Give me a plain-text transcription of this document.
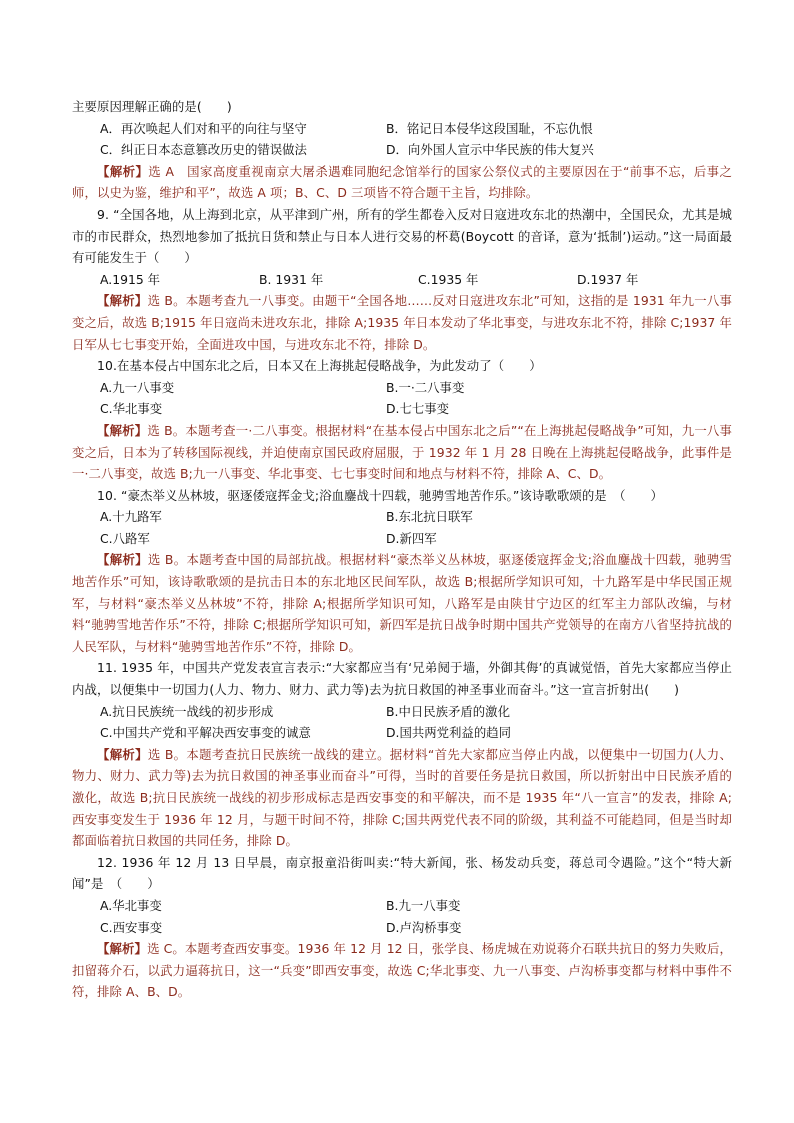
主要原因理解正确的是(　　)

A．再次唤起人们对和平的向往与坚守	B．铭记日本侵华这段国耻，不忘仇恨
C．纠正日本态意篡改历史的错误做法	D．向外国人宣示中华民族的伟大复兴

【解析】选 A　国家高度重视南京大屠杀遇难同胞纪念馆举行的国家公祭仪式的主要原因在于“前事不忘，后事之师，以史为鉴，维护和平”，故选 A 项；B、C、D 三项皆不符合题干主旨，均排除。

9. “全国各地，从上海到北京，从平津到广州，所有的学生都卷入反对日寇进攻东北的热潮中，全国民众，尤其是城市的市民群众，热烈地参加了抵抗日货和禁止与日本人进行交易的杯葛(Boycott 的音译，意为‘抵制’)运动。”这一局面最有可能发生于（　　）

A.1915 年	B. 1931 年	C.1935 年	D.1937 年

【解析】选 B。本题考查九一八事变。由题干“全国各地……反对日寇进攻东北”可知，这指的是 1931 年九一八事变之后，故选 B;1915 年日寇尚未进攻东北，排除 A;1935 年日本发动了华北事变，与进攻东北不符，排除 C;1937 年日军从七七事变开始，全面进攻中国，与进攻东北不符，排除 D。

10.在基本侵占中国东北之后，日本又在上海挑起侵略战争，为此发动了（　　）

A.九一八事变	B.一·二八事变
C.华北事变	D.七七事变

【解析】选 B。本题考查一·二八事变。根据材料“在基本侵占中国东北之后”“在上海挑起侵略战争”可知，九一八事变之后，日本为了转移国际视线，并迫使南京国民政府屈服，于 1932 年 1 月 28 日晚在上海挑起侵略战争，此事件是一·二八事变，故选 B;九一八事变、华北事变、七七事变时间和地点与材料不符，排除 A、C、D。

10. “豪杰举义丛林坡，驱逐倭寇挥金戈;浴血鏖战十四载，驰骋雪地苦作乐。”该诗歌歌颂的是　（　　）

A.十九路军	B.东北抗日联军
C.八路军	D.新四军

【解析】选 B。本题考查中国的局部抗战。根据材料“豪杰举义丛林坡，驱逐倭寇挥金戈;浴血鏖战十四载，驰骋雪地苦作乐”可知，该诗歌歌颂的是抗击日本的东北地区民间军队，故选 B;根据所学知识可知，十九路军是中华民国正规军，与材料“豪杰举义丛林坡”不符，排除 A;根据所学知识可知，八路军是由陕甘宁边区的红军主力部队改编，与材料“驰骋雪地苦作乐”不符，排除 C;根据所学知识可知，新四军是抗日战争时期中国共产党领导的在南方八省坚持抗战的人民军队，与材料“驰骋雪地苦作乐”不符，排除 D。

11. 1935 年，中国共产党发表宣言表示:“大家都应当有‘兄弟阋于墙，外御其侮’的真诚觉悟，首先大家都应当停止内战，以便集中一切国力(人力、物力、财力、武力等)去为抗日救国的神圣事业而奋斗。”这一宣言折射出(　　)

A.抗日民族统一战线的初步形成	B.中日民族矛盾的激化
C.中国共产党和平解决西安事变的诚意	D.国共两党利益的趋同

【解析】选 B。本题考查抗日民族统一战线的建立。据材料“首先大家都应当停止内战，以便集中一切国力(人力、物力、财力、武力等)去为抗日救国的神圣事业而奋斗”可得，当时的首要任务是抗日救国，所以折射出中日民族矛盾的激化，故选 B;抗日民族统一战线的初步形成标志是西安事变的和平解决，而不是 1935 年“八一宣言”的发表，排除 A;西安事变发生于 1936 年 12 月，与题干时间不符，排除 C;国共两党代表不同的阶级，其利益不可能趋同，但是当时却都面临着抗日救国的共同任务，排除 D。

12. 1936 年 12 月 13 日早晨，南京报童沿街叫卖:“特大新闻，张、杨发动兵变，蒋总司令遇险。”这个“特大新闻”是　（　　）

A.华北事变	B.九一八事变
C.西安事变	D.卢沟桥事变

【解析】选 C。本题考查西安事变。1936 年 12 月 12 日，张学良、杨虎城在劝说蒋介石联共抗日的努力失败后，扣留蒋介石，以武力逼蒋抗日，这一“兵变”即西安事变，故选 C;华北事变、九一八事变、卢沟桥事变都与材料中事件不符，排除 A、B、D。
